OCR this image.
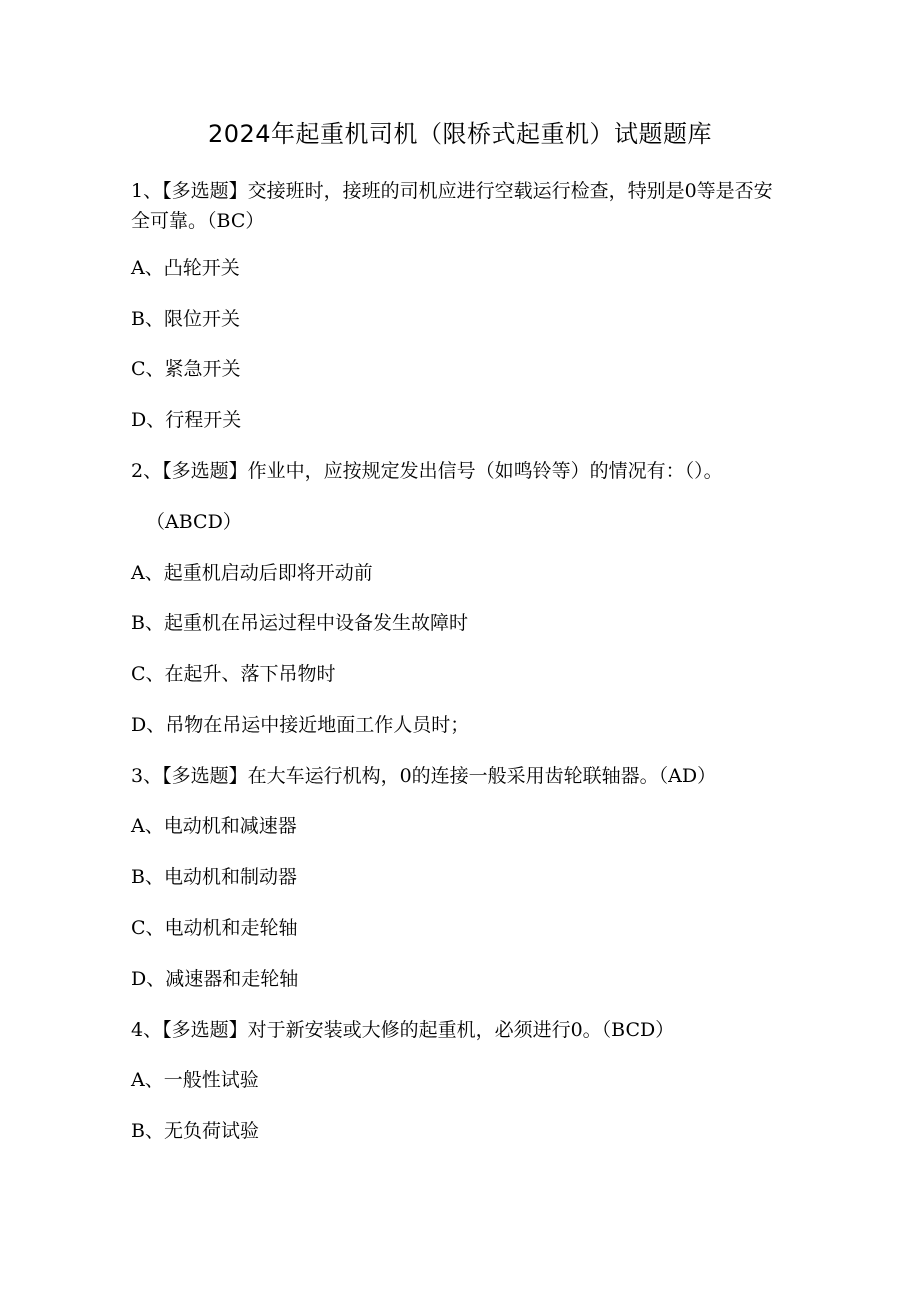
2024年起重机司机（限桥式起重机）试题题库
1、【多选题】交接班时，接班的司机应进行空载运行检查，特别是0等是否安全可靠。（BC）
A、凸轮开关
B、限位开关
C、紧急开关
D、行程开关
2、【多选题】作业中，应按规定发出信号（如鸣铃等）的情况有：（）。
（ABCD）
A、起重机启动后即将开动前
B、起重机在吊运过程中设备发生故障时
C、在起升、落下吊物时
D、吊物在吊运中接近地面工作人员时；
3、【多选题】在大车运行机构，0的连接一般采用齿轮联轴器。（AD）
A、电动机和减速器
B、电动机和制动器
C、电动机和走轮轴
D、减速器和走轮轴
4、【多选题】对于新安装或大修的起重机，必须进行0。（BCD）
A、一般性试验
B、无负荷试验
